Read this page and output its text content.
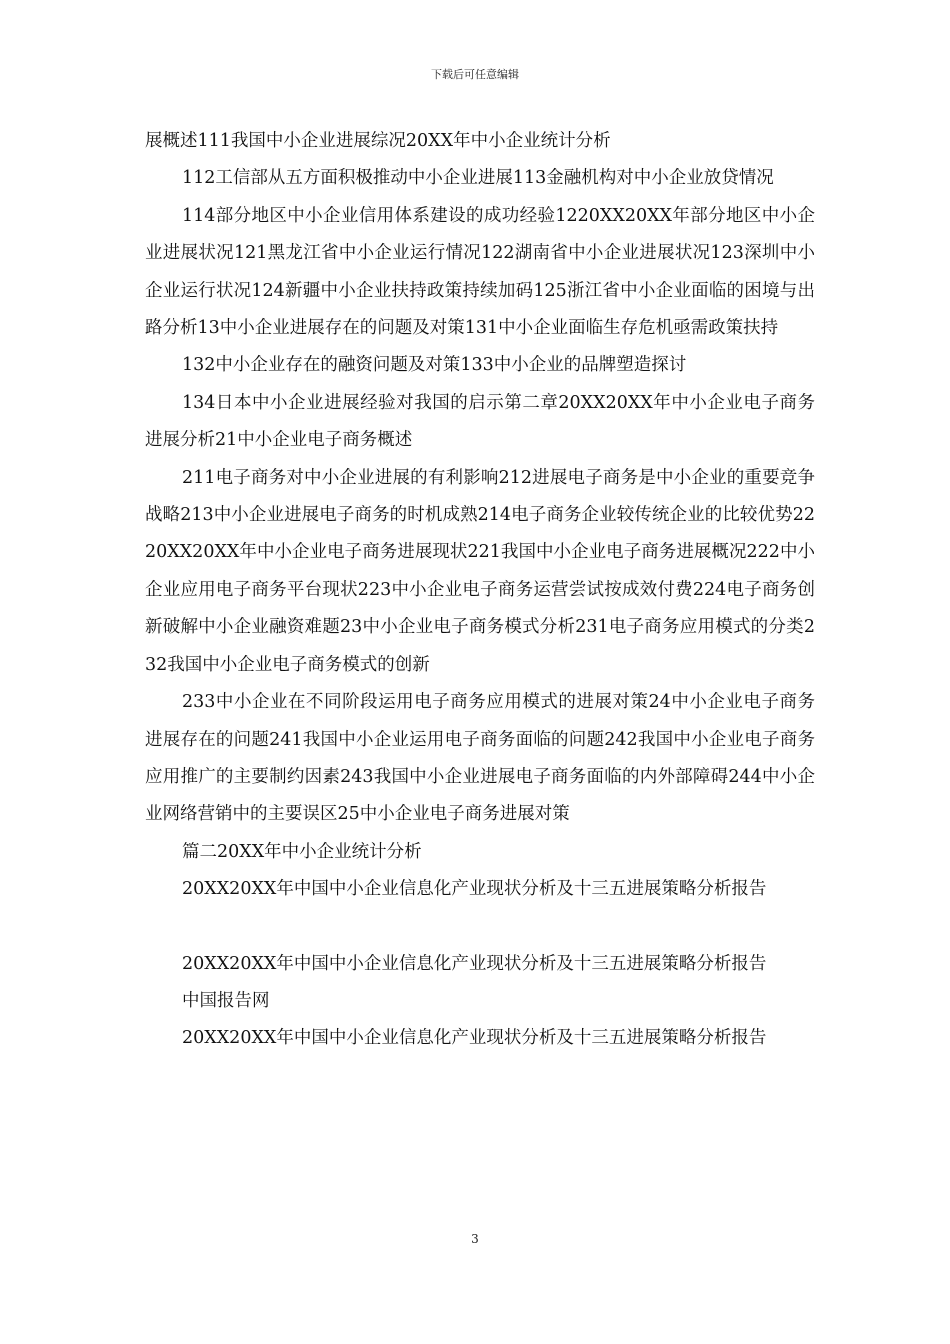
下载后可任意编辑

展概述111我国中小企业进展综况20XX年中小企业统计分析

112工信部从五方面积极推动中小企业进展113金融机构对中小企业放贷情况

114部分地区中小企业信用体系建设的成功经验1220XX20XX年部分地区中小企业进展状况121黑龙江省中小企业运行情况122湖南省中小企业进展状况123深圳中小企业运行状况124新疆中小企业扶持政策持续加码125浙江省中小企业面临的困境与出路分析13中小企业进展存在的问题及对策131中小企业面临生存危机亟需政策扶持

132中小企业存在的融资问题及对策133中小企业的品牌塑造探讨

134日本中小企业进展经验对我国的启示第二章20XX20XX年中小企业电子商务进展分析21中小企业电子商务概述

211电子商务对中小企业进展的有利影响212进展电子商务是中小企业的重要竞争战略213中小企业进展电子商务的时机成熟214电子商务企业较传统企业的比较优势2220XX20XX年中小企业电子商务进展现状221我国中小企业电子商务进展概况222中小企业应用电子商务平台现状223中小企业电子商务运营尝试按成效付费224电子商务创新破解中小企业融资难题23中小企业电子商务模式分析231电子商务应用模式的分类232我国中小企业电子商务模式的创新

233中小企业在不同阶段运用电子商务应用模式的进展对策24中小企业电子商务进展存在的问题241我国中小企业运用电子商务面临的问题242我国中小企业电子商务应用推广的主要制约因素243我国中小企业进展电子商务面临的内外部障碍244中小企业网络营销中的主要误区25中小企业电子商务进展对策

篇二20XX年中小企业统计分析

20XX20XX年中国中小企业信息化产业现状分析及十三五进展策略分析报告

20XX20XX年中国中小企业信息化产业现状分析及十三五进展策略分析报告

中国报告网

20XX20XX年中国中小企业信息化产业现状分析及十三五进展策略分析报告

3
